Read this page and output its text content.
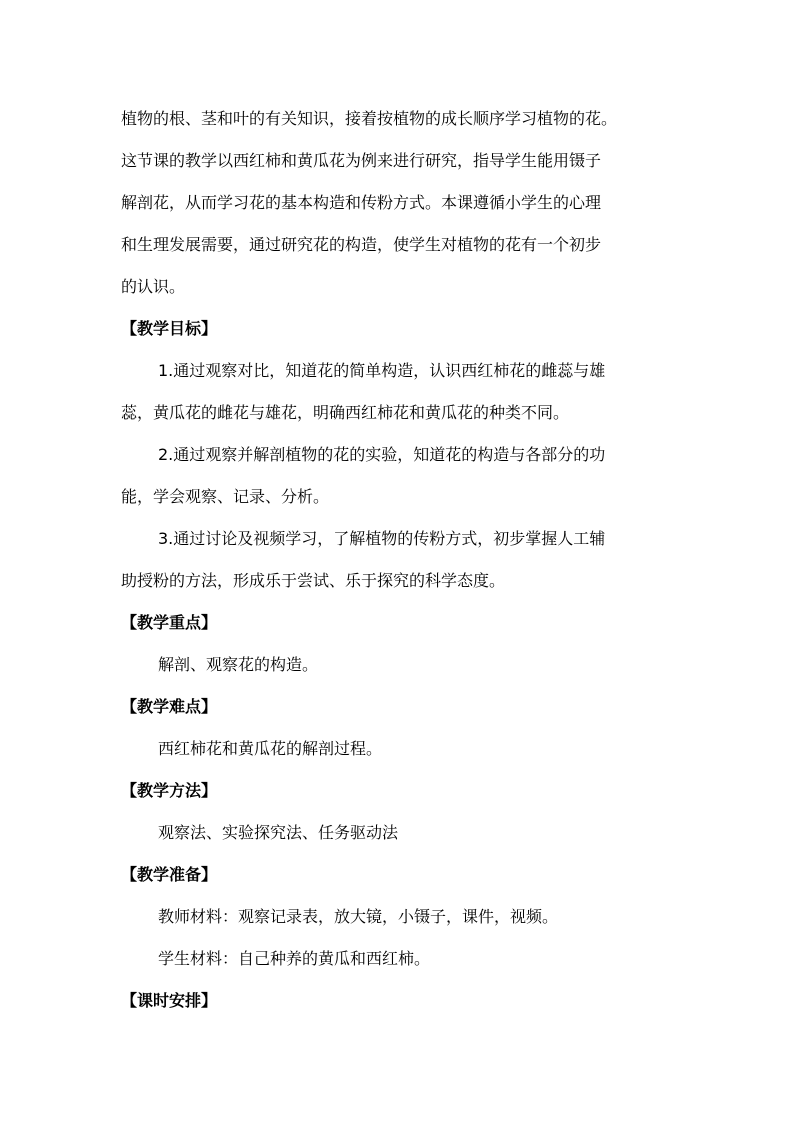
植物的根、茎和叶的有关知识，接着按植物的成长顺序学习植物的花。
这节课的教学以西红柿和黄瓜花为例来进行研究，指导学生能用镊子
解剖花，从而学习花的基本构造和传粉方式。本课遵循小学生的心理
和生理发展需要，通过研究花的构造，使学生对植物的花有一个初步
的认识。
【教学目标】
1.通过观察对比，知道花的简单构造，认识西红柿花的雌蕊与雄
蕊，黄瓜花的雌花与雄花，明确西红柿花和黄瓜花的种类不同。
2.通过观察并解剖植物的花的实验，知道花的构造与各部分的功
能，学会观察、记录、分析。
3.通过讨论及视频学习，了解植物的传粉方式，初步掌握人工辅
助授粉的方法，形成乐于尝试、乐于探究的科学态度。
【教学重点】
解剖、观察花的构造。
【教学难点】
西红柿花和黄瓜花的解剖过程。
【教学方法】
观察法、实验探究法、任务驱动法
【教学准备】
教师材料：观察记录表，放大镜，小镊子，课件，视频。
学生材料：自己种养的黄瓜和西红柿。
【课时安排】
